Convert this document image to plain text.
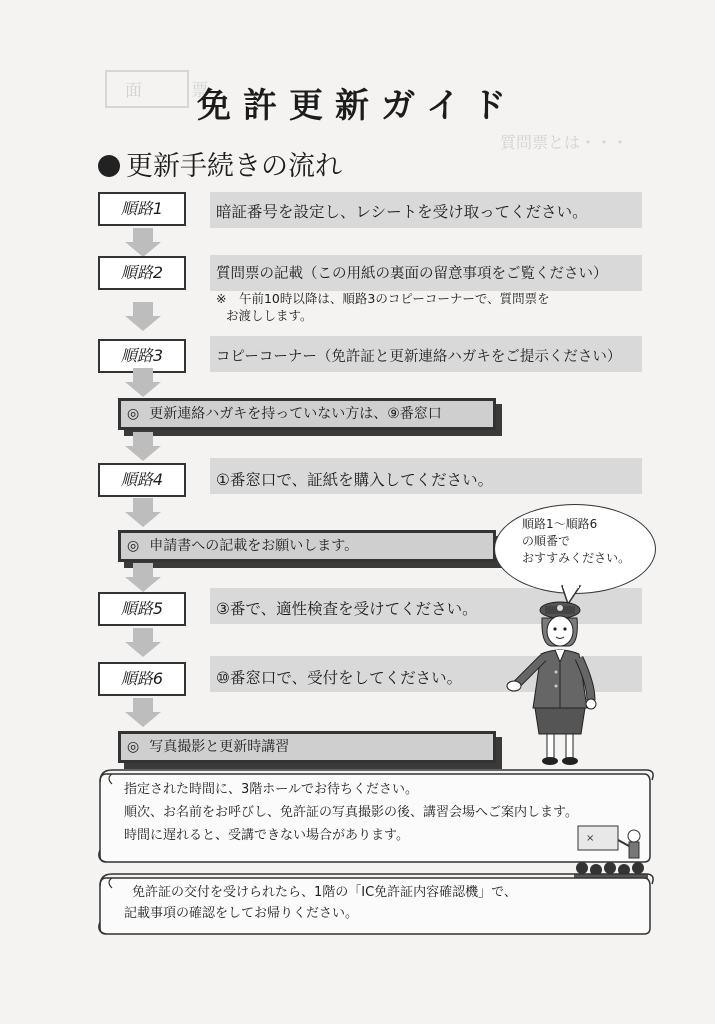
面 票
質問票とは・・・
免許更新ガイド
更新手続きの流れ
順路1	暗証番号を設定し、レシートを受け取ってください。
順路2	質問票の記載（この用紙の裏面の留意事項をご覧ください）
※　午前10時以降は、順路3のコピーコーナーで、質問票を
お渡しします。
順路3	コピーコーナー（免許証と更新連絡ハガキをご提示ください）
◎ 更新連絡ハガキを持っていない方は、⑨番窓口
順路4	①番窓口で、証紙を購入してください。
◎ 申請書への記載をお願いします。
順路5	③番で、適性検査を受けてください。
順路6	⑩番窓口で、受付をしてください。
◎ 写真撮影と更新時講習
順路1～順路6
の順番で
おすすみください。
指定された時間に、3階ホールでお待ちください。
順次、お名前をお呼びし、免許証の写真撮影の後、講習会場へご案内します。
時間に遅れると、受講できない場合があります。	×
免許証の交付を受けられたら、1階の「IC免許証内容確認機」で、
記載事項の確認をしてお帰りください。
